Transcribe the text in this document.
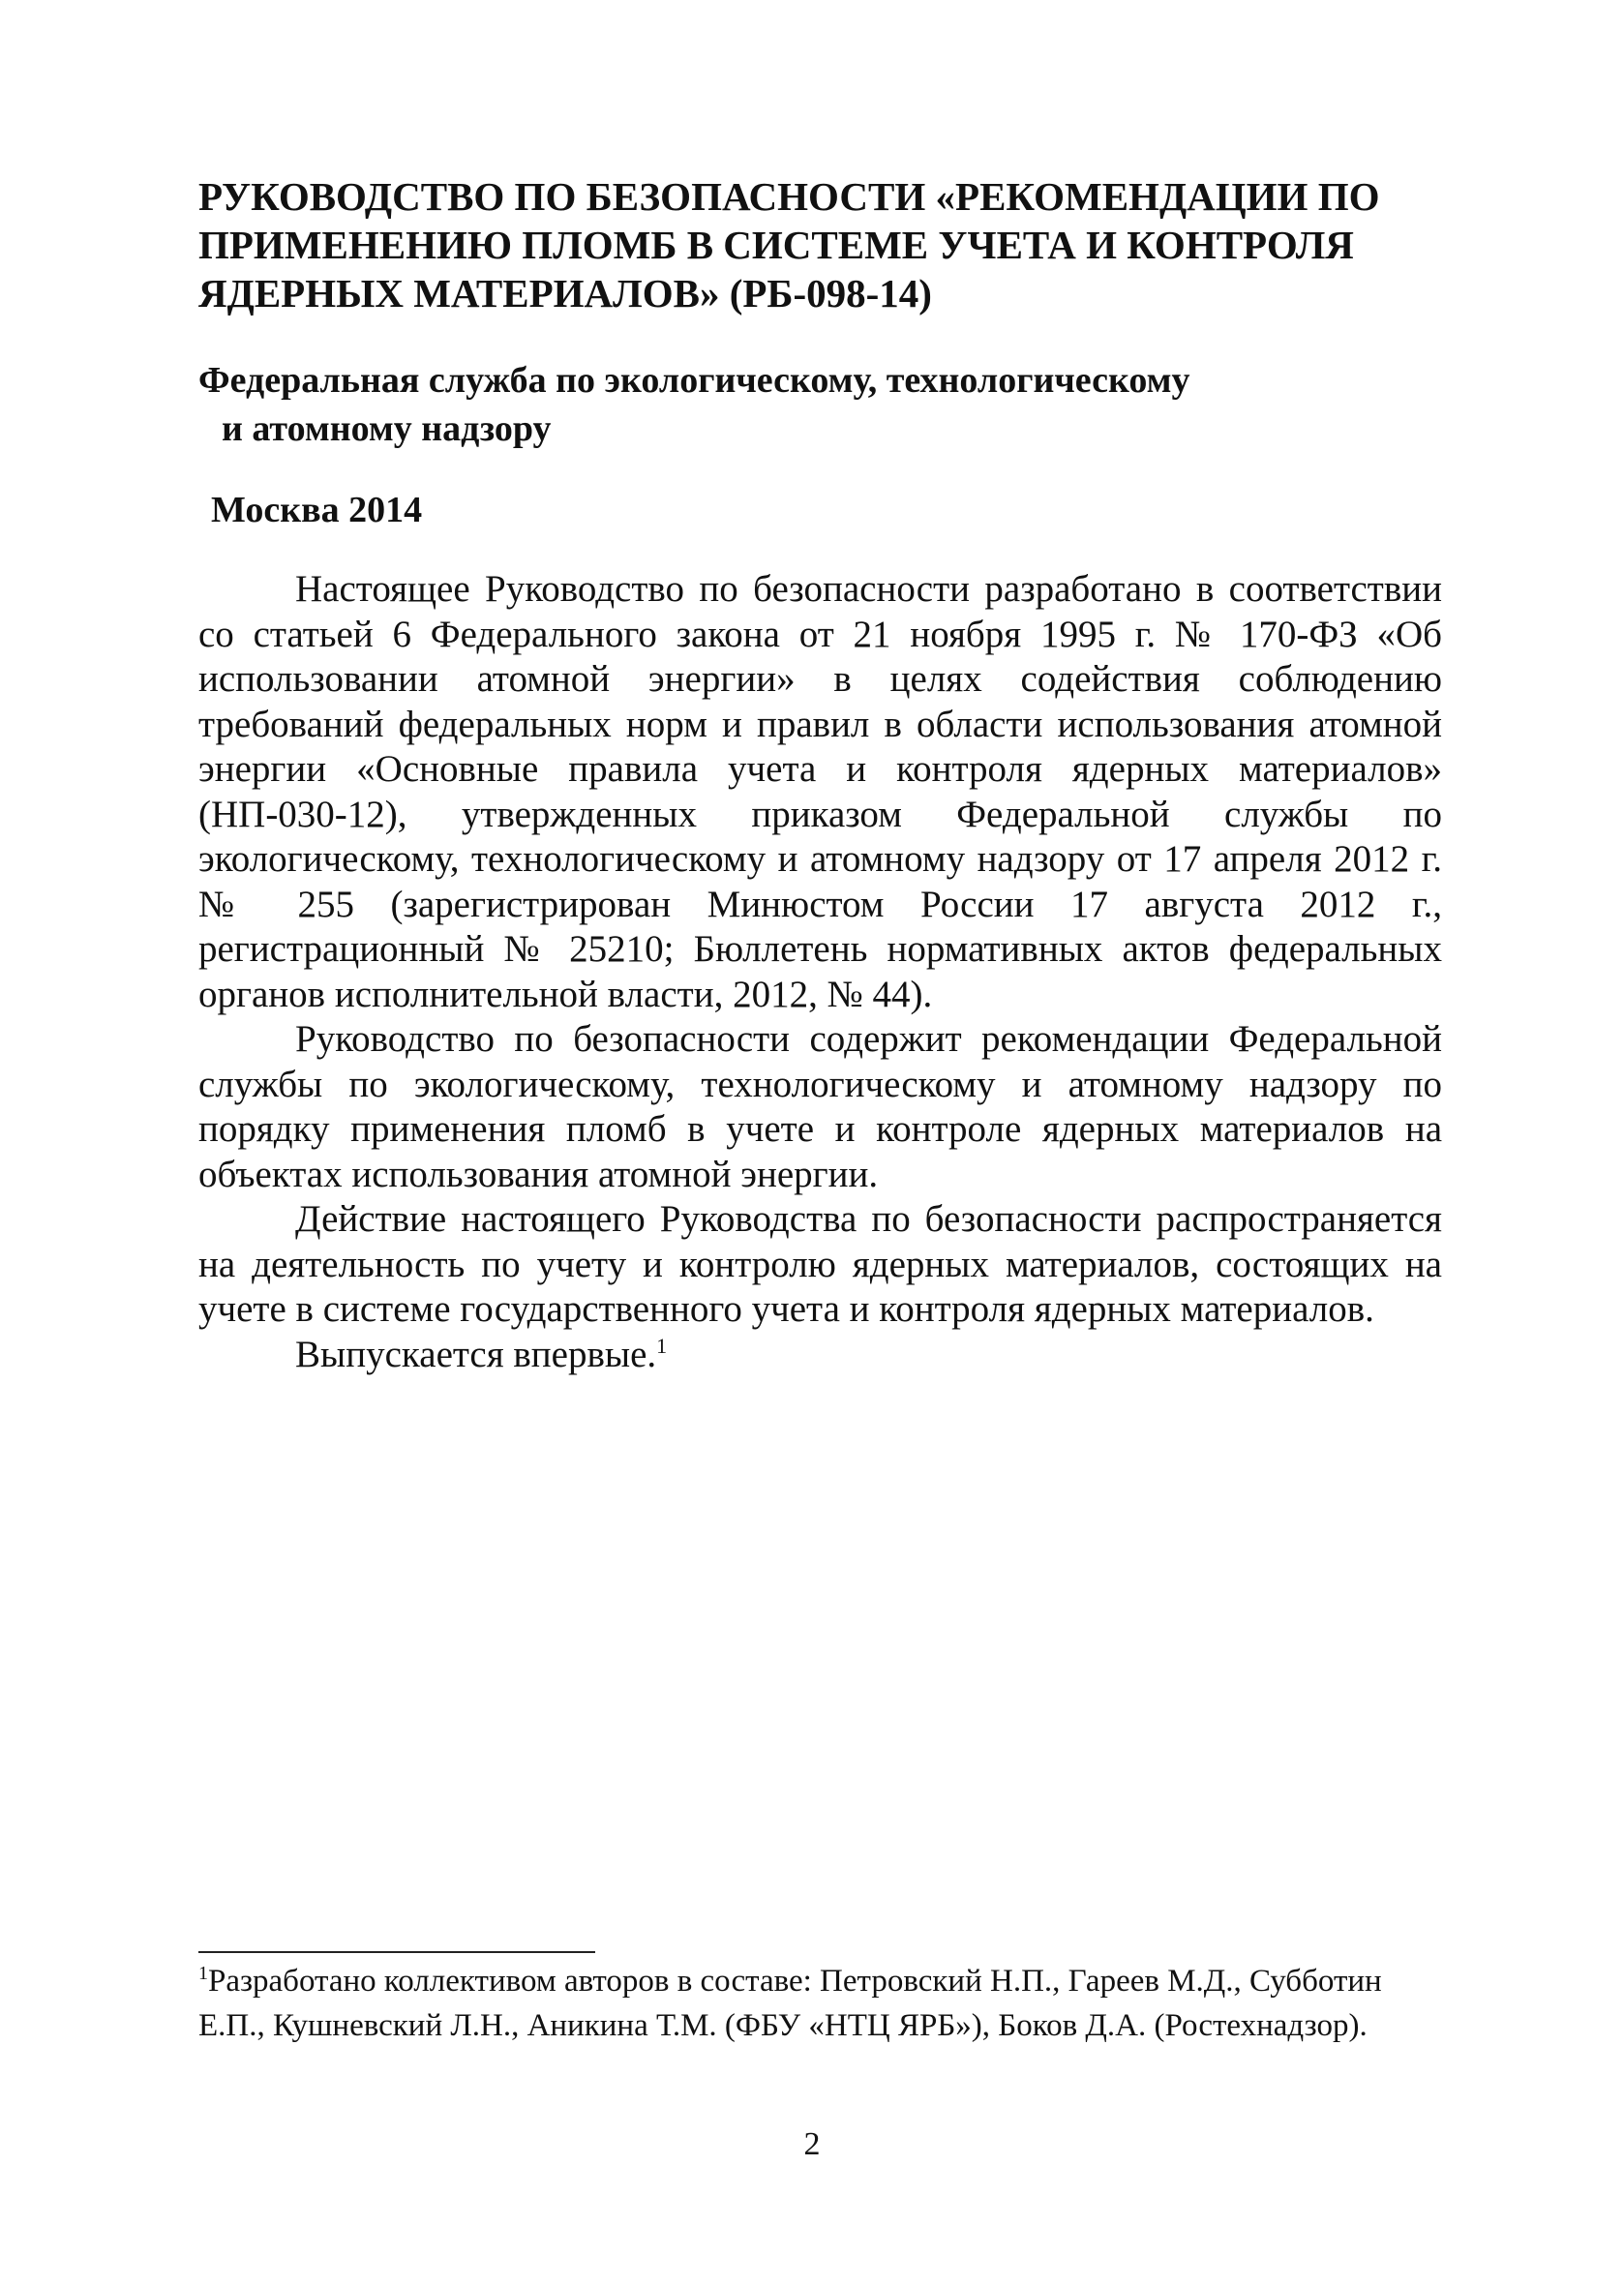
РУКОВОДСТВО ПО БЕЗОПАСНОСТИ «РЕКОМЕНДАЦИИ ПО ПРИМЕНЕНИЮ ПЛОМБ В СИСТЕМЕ УЧЕТА И КОНТРОЛЯ ЯДЕРНЫХ МАТЕРИАЛОВ» (РБ-098-14)
Федеральная служба по экологическому, технологическому
и атомному надзору
Москва 2014

Настоящее Руководство по безопасности разработано в соответствии со статьей 6 Федерального закона от 21 ноября 1995 г. № 170-ФЗ «Об использовании атомной энергии» в целях содействия соблюдению требований федеральных норм и правил в области использования атомной энергии «Основные правила учета и контроля ядерных материалов» (НП-030-12), утвержденных приказом Федеральной службы по экологическому, технологическому и атомному надзору от 17 апреля 2012 г. № 255 (зарегистрирован Минюстом России 17 августа 2012 г., регистрационный № 25210; Бюллетень нормативных актов федеральных органов исполнительной власти, 2012, № 44).

Руководство по безопасности содержит рекомендации Федеральной службы по экологическому, технологическому и атомному надзору по порядку применения пломб в учете и контроле ядерных материалов на объектах использования атомной энергии.

Действие настоящего Руководства по безопасности распространяется на деятельность по учету и контролю ядерных материалов, состоящих на учете в системе государственного учета и контроля ядерных материалов.

Выпускается впервые.$^1$

$^1$Разработано коллективом авторов в составе: Петровский Н.П., Гареев М.Д., Субботин Е.П., Кушневский Л.Н., Аникина Т.М. (ФБУ «НТЦ ЯРБ»), Боков Д.А. (Ростехнадзор).

2
